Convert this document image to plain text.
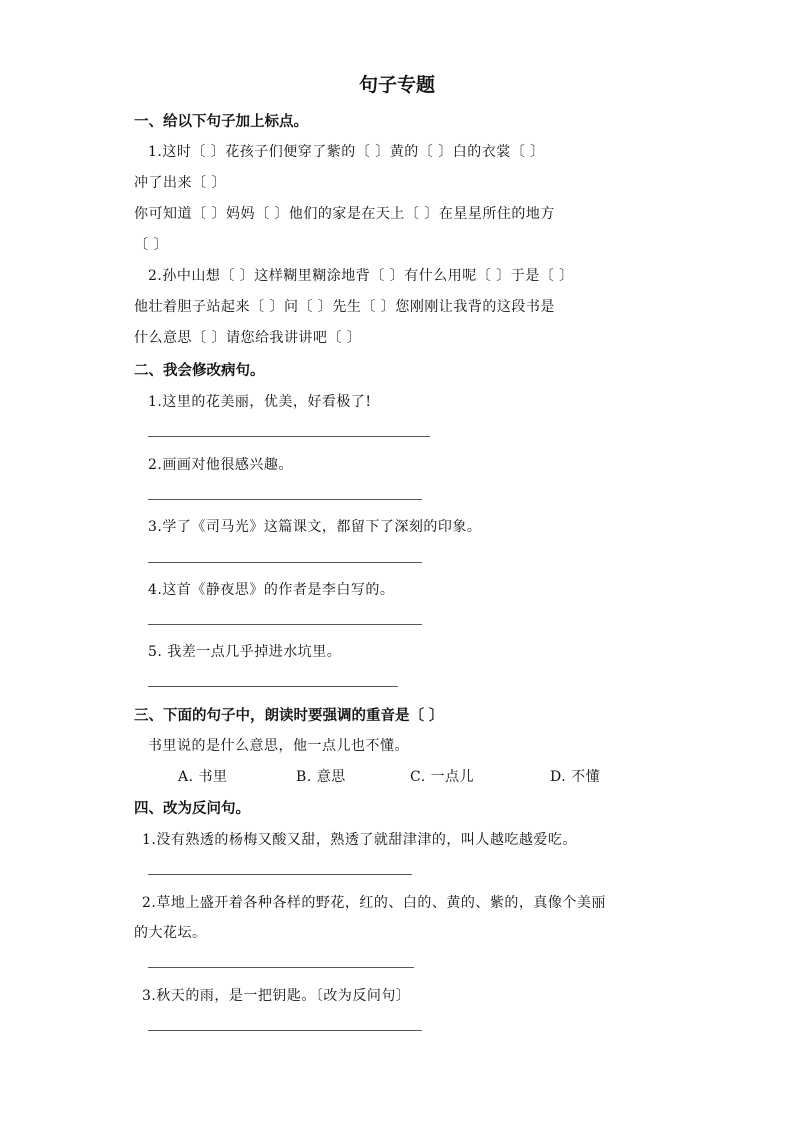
句子专题
一、给以下句子加上标点。
1.这时〔 〕花孩子们便穿了紫的〔 〕黄的〔 〕白的衣裳〔 〕
冲了出来〔 〕
你可知道〔 〕妈妈〔 〕他们的家是在天上〔 〕在星星所住的地方
〔 〕
2.孙中山想〔 〕这样糊里糊涂地背〔 〕有什么用呢〔 〕于是〔 〕
他壮着胆子站起来〔 〕问〔 〕先生〔 〕您刚刚让我背的这段书是
什么意思〔 〕请您给我讲讲吧〔 〕
二、我会修改病句。
1.这里的花美丽，优美，好看极了!
2.画画对他很感兴趣。
3.学了《司马光》这篇课文，都留下了深刻的印象。
4.这首《静夜思》的作者是李白写的。
5. 我差一点几乎掉进水坑里。
三、下面的句子中，朗读时要强调的重音是〔 〕
书里说的是什么意思，他一点儿也不懂。
A. 书里	B. 意思	C. 一点儿	D. 不懂
四、改为反问句。
1.没有熟透的杨梅又酸又甜，熟透了就甜津津的，叫人越吃越爱吃。
2.草地上盛开着各种各样的野花，红的、白的、黄的、紫的，真像个美丽
的大花坛。
3.秋天的雨，是一把钥匙。〔改为反问句〕
